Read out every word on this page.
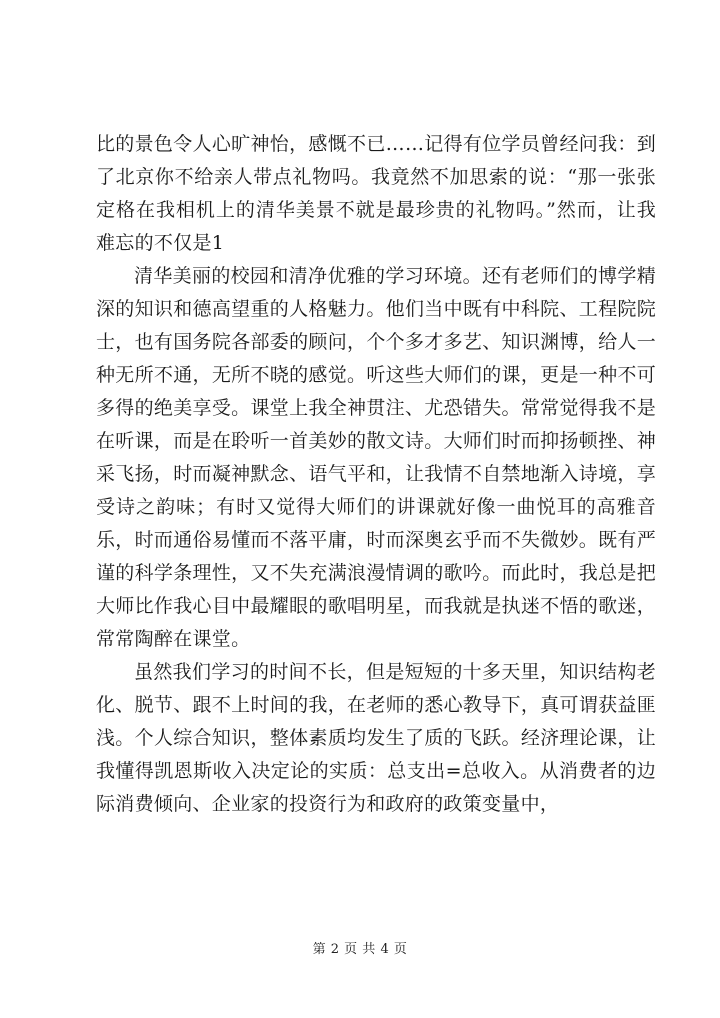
比的景色令人心旷神怡，感慨不已……记得有位学员曾经问我：到了北京你不给亲人带点礼物吗。我竟然不加思索的说：“那一张张定格在我相机上的清华美景不就是最珍贵的礼物吗。”然而，让我难忘的不仅是1

清华美丽的校园和清净优雅的学习环境。还有老师们的博学精深的知识和德高望重的人格魅力。他们当中既有中科院、工程院院士，也有国务院各部委的顾问，个个多才多艺、知识渊博，给人一种无所不通，无所不晓的感觉。听这些大师们的课，更是一种不可多得的绝美享受。课堂上我全神贯注、尤恐错失。常常觉得我不是在听课，而是在聆听一首美妙的散文诗。大师们时而抑扬顿挫、神采飞扬，时而凝神默念、语气平和，让我情不自禁地渐入诗境，享受诗之韵味；有时又觉得大师们的讲课就好像一曲悦耳的高雅音乐，时而通俗易懂而不落平庸，时而深奥玄乎而不失微妙。既有严谨的科学条理性，又不失充满浪漫情调的歌吟。而此时，我总是把大师比作我心目中最耀眼的歌唱明星，而我就是执迷不悟的歌迷，常常陶醉在课堂。

虽然我们学习的时间不长，但是短短的十多天里，知识结构老化、脱节、跟不上时间的我，在老师的悉心教导下，真可谓获益匪浅。个人综合知识，整体素质均发生了质的飞跃。经济理论课，让我懂得凯恩斯收入决定论的实质：总支出=总收入。从消费者的边际消费倾向、企业家的投资行为和政府的政策变量中，

第 2 页 共 4 页
